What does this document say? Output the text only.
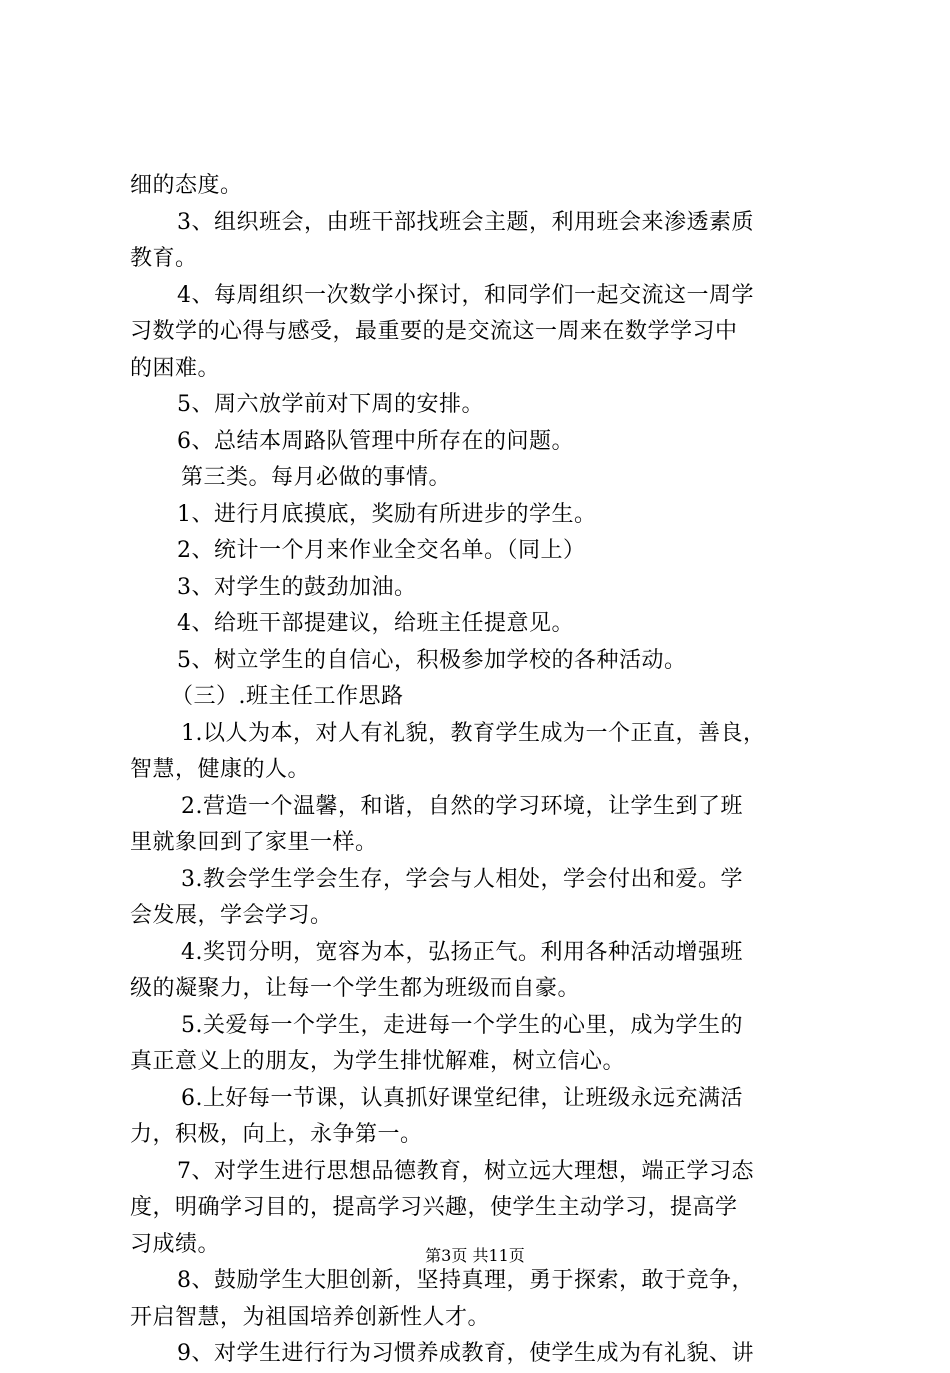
细的态度。
3、组织班会，由班干部找班会主题，利用班会来渗透素质
教育。
4、每周组织一次数学小探讨，和同学们一起交流这一周学
习数学的心得与感受，最重要的是交流这一周来在数学学习中
的困难。
5、周六放学前对下周的安排。
6、总结本周路队管理中所存在的问题。
第三类。每月必做的事情。
1、进行月底摸底，奖励有所进步的学生。
2、统计一个月来作业全交名单。（同上）
3、对学生的鼓劲加油。
4、给班干部提建议，给班主任提意见。
5、树立学生的自信心，积极参加学校的各种活动。
（三）.班主任工作思路
1.以人为本，对人有礼貌，教育学生成为一个正直，善良，
智慧，健康的人。
2.营造一个温馨，和谐，自然的学习环境，让学生到了班
里就象回到了家里一样。
3.教会学生学会生存，学会与人相处，学会付出和爱。学
会发展，学会学习。
4.奖罚分明，宽容为本，弘扬正气。利用各种活动增强班
级的凝聚力，让每一个学生都为班级而自豪。
5.关爱每一个学生，走进每一个学生的心里，成为学生的
真正意义上的朋友，为学生排忧解难，树立信心。
6.上好每一节课，认真抓好课堂纪律，让班级永远充满活
力，积极，向上，永争第一。
7、对学生进行思想品德教育，树立远大理想，端正学习态
度，明确学习目的，提高学习兴趣，使学生主动学习，提高学
习成绩。
8、鼓励学生大胆创新，坚持真理，勇于探索，敢于竞争，
开启智慧，为祖国培养创新性人才。
9、对学生进行行为习惯养成教育，使学生成为有礼貌、讲
第3页 共11页
